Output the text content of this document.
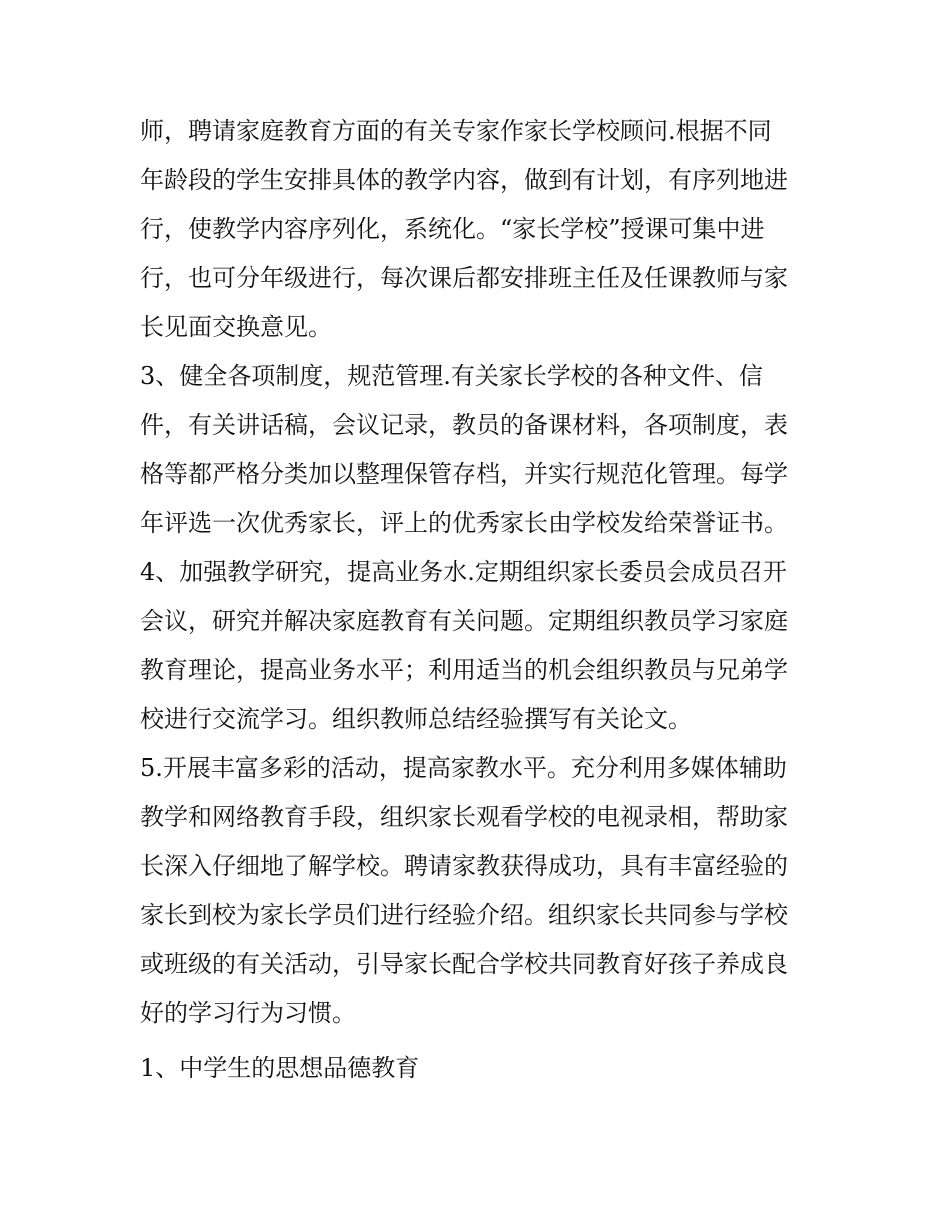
师，聘请家庭教育方面的有关专家作家长学校顾问.根据不同
年龄段的学生安排具体的教学内容，做到有计划，有序列地进
行，使教学内容序列化，系统化。“家长学校”授课可集中进
行，也可分年级进行，每次课后都安排班主任及任课教师与家
长见面交换意见。
3、健全各项制度，规范管理.有关家长学校的各种文件、信
件，有关讲话稿，会议记录，教员的备课材料，各项制度，表
格等都严格分类加以整理保管存档，并实行规范化管理。每学
年评选一次优秀家长，评上的优秀家长由学校发给荣誉证书。
4、加强教学研究，提高业务水.定期组织家长委员会成员召开
会议，研究并解决家庭教育有关问题。定期组织教员学习家庭
教育理论，提高业务水平；利用适当的机会组织教员与兄弟学
校进行交流学习。组织教师总结经验撰写有关论文。
5.开展丰富多彩的活动，提高家教水平。充分利用多媒体辅助
教学和网络教育手段，组织家长观看学校的电视录相，帮助家
长深入仔细地了解学校。聘请家教获得成功，具有丰富经验的
家长到校为家长学员们进行经验介绍。组织家长共同参与学校
或班级的有关活动，引导家长配合学校共同教育好孩子养成良
好的学习行为习惯。
1、中学生的思想品德教育
